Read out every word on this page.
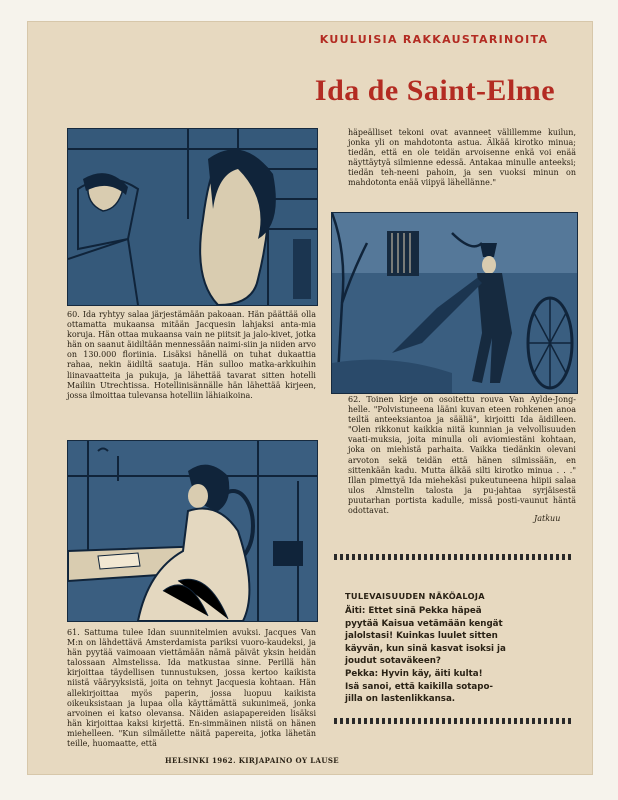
KUULUISIA RAKKAUSTARINOITA
Ida de Saint-Elme
häpeälliset tekoni ovat avanneet välillemme kuilun, jonka yli on mahdotonta astua. Älkää kirotko minua; tiedän, että en ole teidän arvoisenne enkä voi enää näyttäytyä silmienne edessä. Antakaa minulle anteeksi; tiedän teh-neeni pahoin, ja sen vuoksi minun on mahdotonta enää viipyä lähellänne."
62. Toinen kirje on osoitettu rouva Van Aylde-Jong-helle. "Polvistuneena lääni kuvan eteen rohkenen anoa teiltä anteeksiantoa ja sääliä", kirjoitti Ida äidilleen. "Olen rikkonut kaikkia niitä kunnian ja velvollisuuden vaati-muksia, joita minulla oli aviomiestäni kohtaan, joka on miehistä parhaita. Vaikka tiedänkin olevani arvoton sekä teidän että hänen silmissään, en sittenkään kadu. Mutta älkää silti kirotko minua . . ." Illan pimettyä Ida miehekäsi pukeutuneena hiipii salaa ulos Almstelin talosta ja pu-jahtaa syrjäisestä puutarhan portista kadulle, missä posti-vaunut häntä odottavat.
Jatkuu
60. Ida ryhtyy salaa järjestämään pakoaan. Hän päättää olla ottamatta mukaansa mitään Jacquesin lahjaksi anta-mia koruja. Hän ottaa mukaansa vain ne piitsit ja jalo-kivet, jotka hän on saanut äidiltään mennessään naimi-siin ja niiden arvo on 130.000 floriinia. Lisäksi hänellä on tuhat dukaattia rahaa, nekin äidiltä saatuja. Hän sulloo matka-arkkuihin liinavaatteita ja pukuja, ja lähettää tavarat sitten hotelli Mailiin Utrechtissa. Hotellinisännälle hän lähettää kirjeen, jossa ilmoittaa tulevansa hotelliin lähiaikoina.
61. Sattuma tulee Idan suunnitelmien avuksi. Jacques Van M:n on lähdettävä Amsterdamista pariksi vuoro-kaudeksi, ja hän pyytää vaimoaan viettämään nämä päivät yksin heidän talossaan Almstelissa. Ida matkustaa sinne. Perillä hän kirjoittaa täydellisen tunnustuksen, jossa kertoo kaikista niistä vääryyksistä, joita on tehnyt Jacquesia kohtaan. Hän allekirjoittaa myös paperin, jossa luopuu kaikista oikeuksistaan ja lupaa olla käyttämättä sukunimeä, jonka arvoinen ei katso olevansa. Näiden asiapapereiden lisäksi hän kirjoittaa kaksi kirjettä. En-simmäinen niistä on hänen miehelleen. "Kun silmäilette näitä papereita, jotka lähetän teille, huomaatte, että
TULEVAISUUDEN NÄKÖALOJA
Äiti: Ettet sinä Pekka häpeä
pyytää Kaisua vetämään kengät
jalolstasi! Kuinkas luulet sitten
käyvän, kun sinä kasvat isoksi ja
joudut sotaväkeen?
Pekka: Hyvin käy, äiti kulta!
Isä sanoi, että kaikilla sotapo-
jilla on lastenlikkansa.
HELSINKI 1962. KIRJAPAINO OY LAUSE
